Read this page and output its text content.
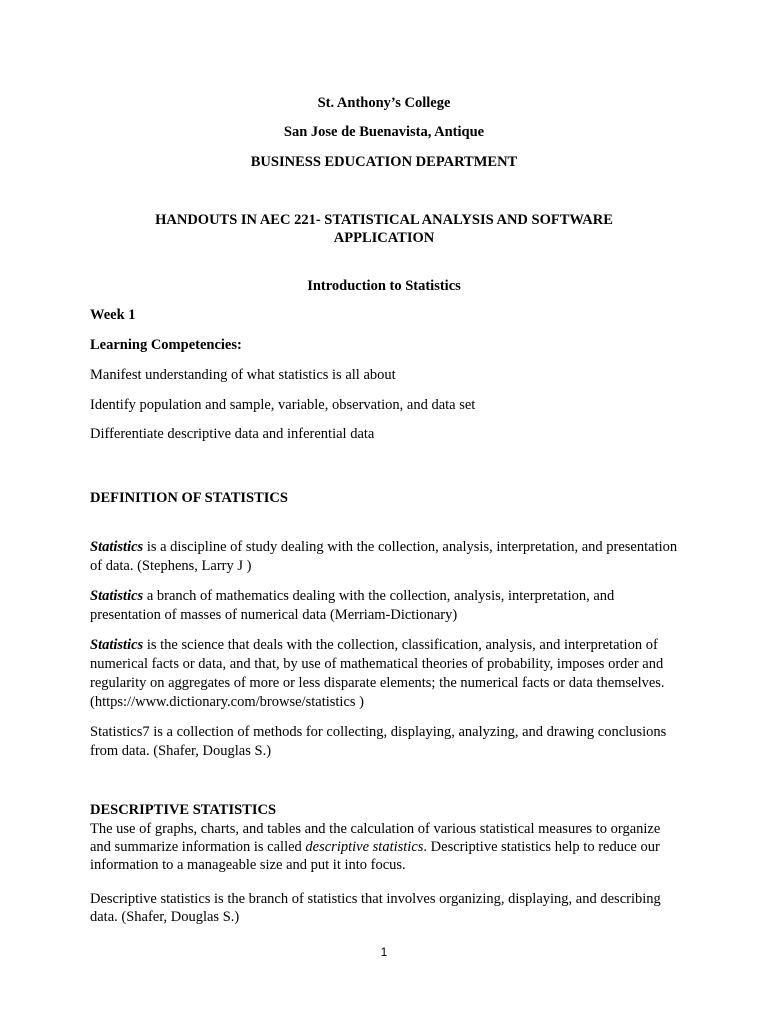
St. Anthony’s College
San Jose de Buenavista, Antique
BUSINESS EDUCATION DEPARTMENT
HANDOUTS IN AEC 221- STATISTICAL ANALYSIS AND SOFTWARE APPLICATION
Introduction to Statistics
Week 1
Learning Competencies:
Manifest understanding of what statistics is all about
Identify population and sample, variable, observation, and data set
Differentiate descriptive data and inferential data
DEFINITION OF STATISTICS
Statistics is a discipline of study dealing with the collection, analysis, interpretation, and presentation of data. (Stephens, Larry J )
Statistics a branch of mathematics dealing with the collection, analysis, interpretation, and presentation of masses of numerical data (Merriam-Dictionary)
Statistics is the science that deals with the collection, classification, analysis, and interpretation of numerical facts or data, and that, by use of mathematical theories of probability, imposes order and regularity on aggregates of more or less disparate elements; the numerical facts or data themselves. (https://www.dictionary.com/browse/statistics )
Statistics7 is a collection of methods for collecting, displaying, analyzing, and drawing conclusions from data. (Shafer, Douglas S.)
DESCRIPTIVE STATISTICS
The use of graphs, charts, and tables and the calculation of various statistical measures to organize and summarize information is called descriptive statistics. Descriptive statistics help to reduce our information to a manageable size and put it into focus.
Descriptive statistics is the branch of statistics that involves organizing, displaying, and describing data. (Shafer, Douglas S.)
1
